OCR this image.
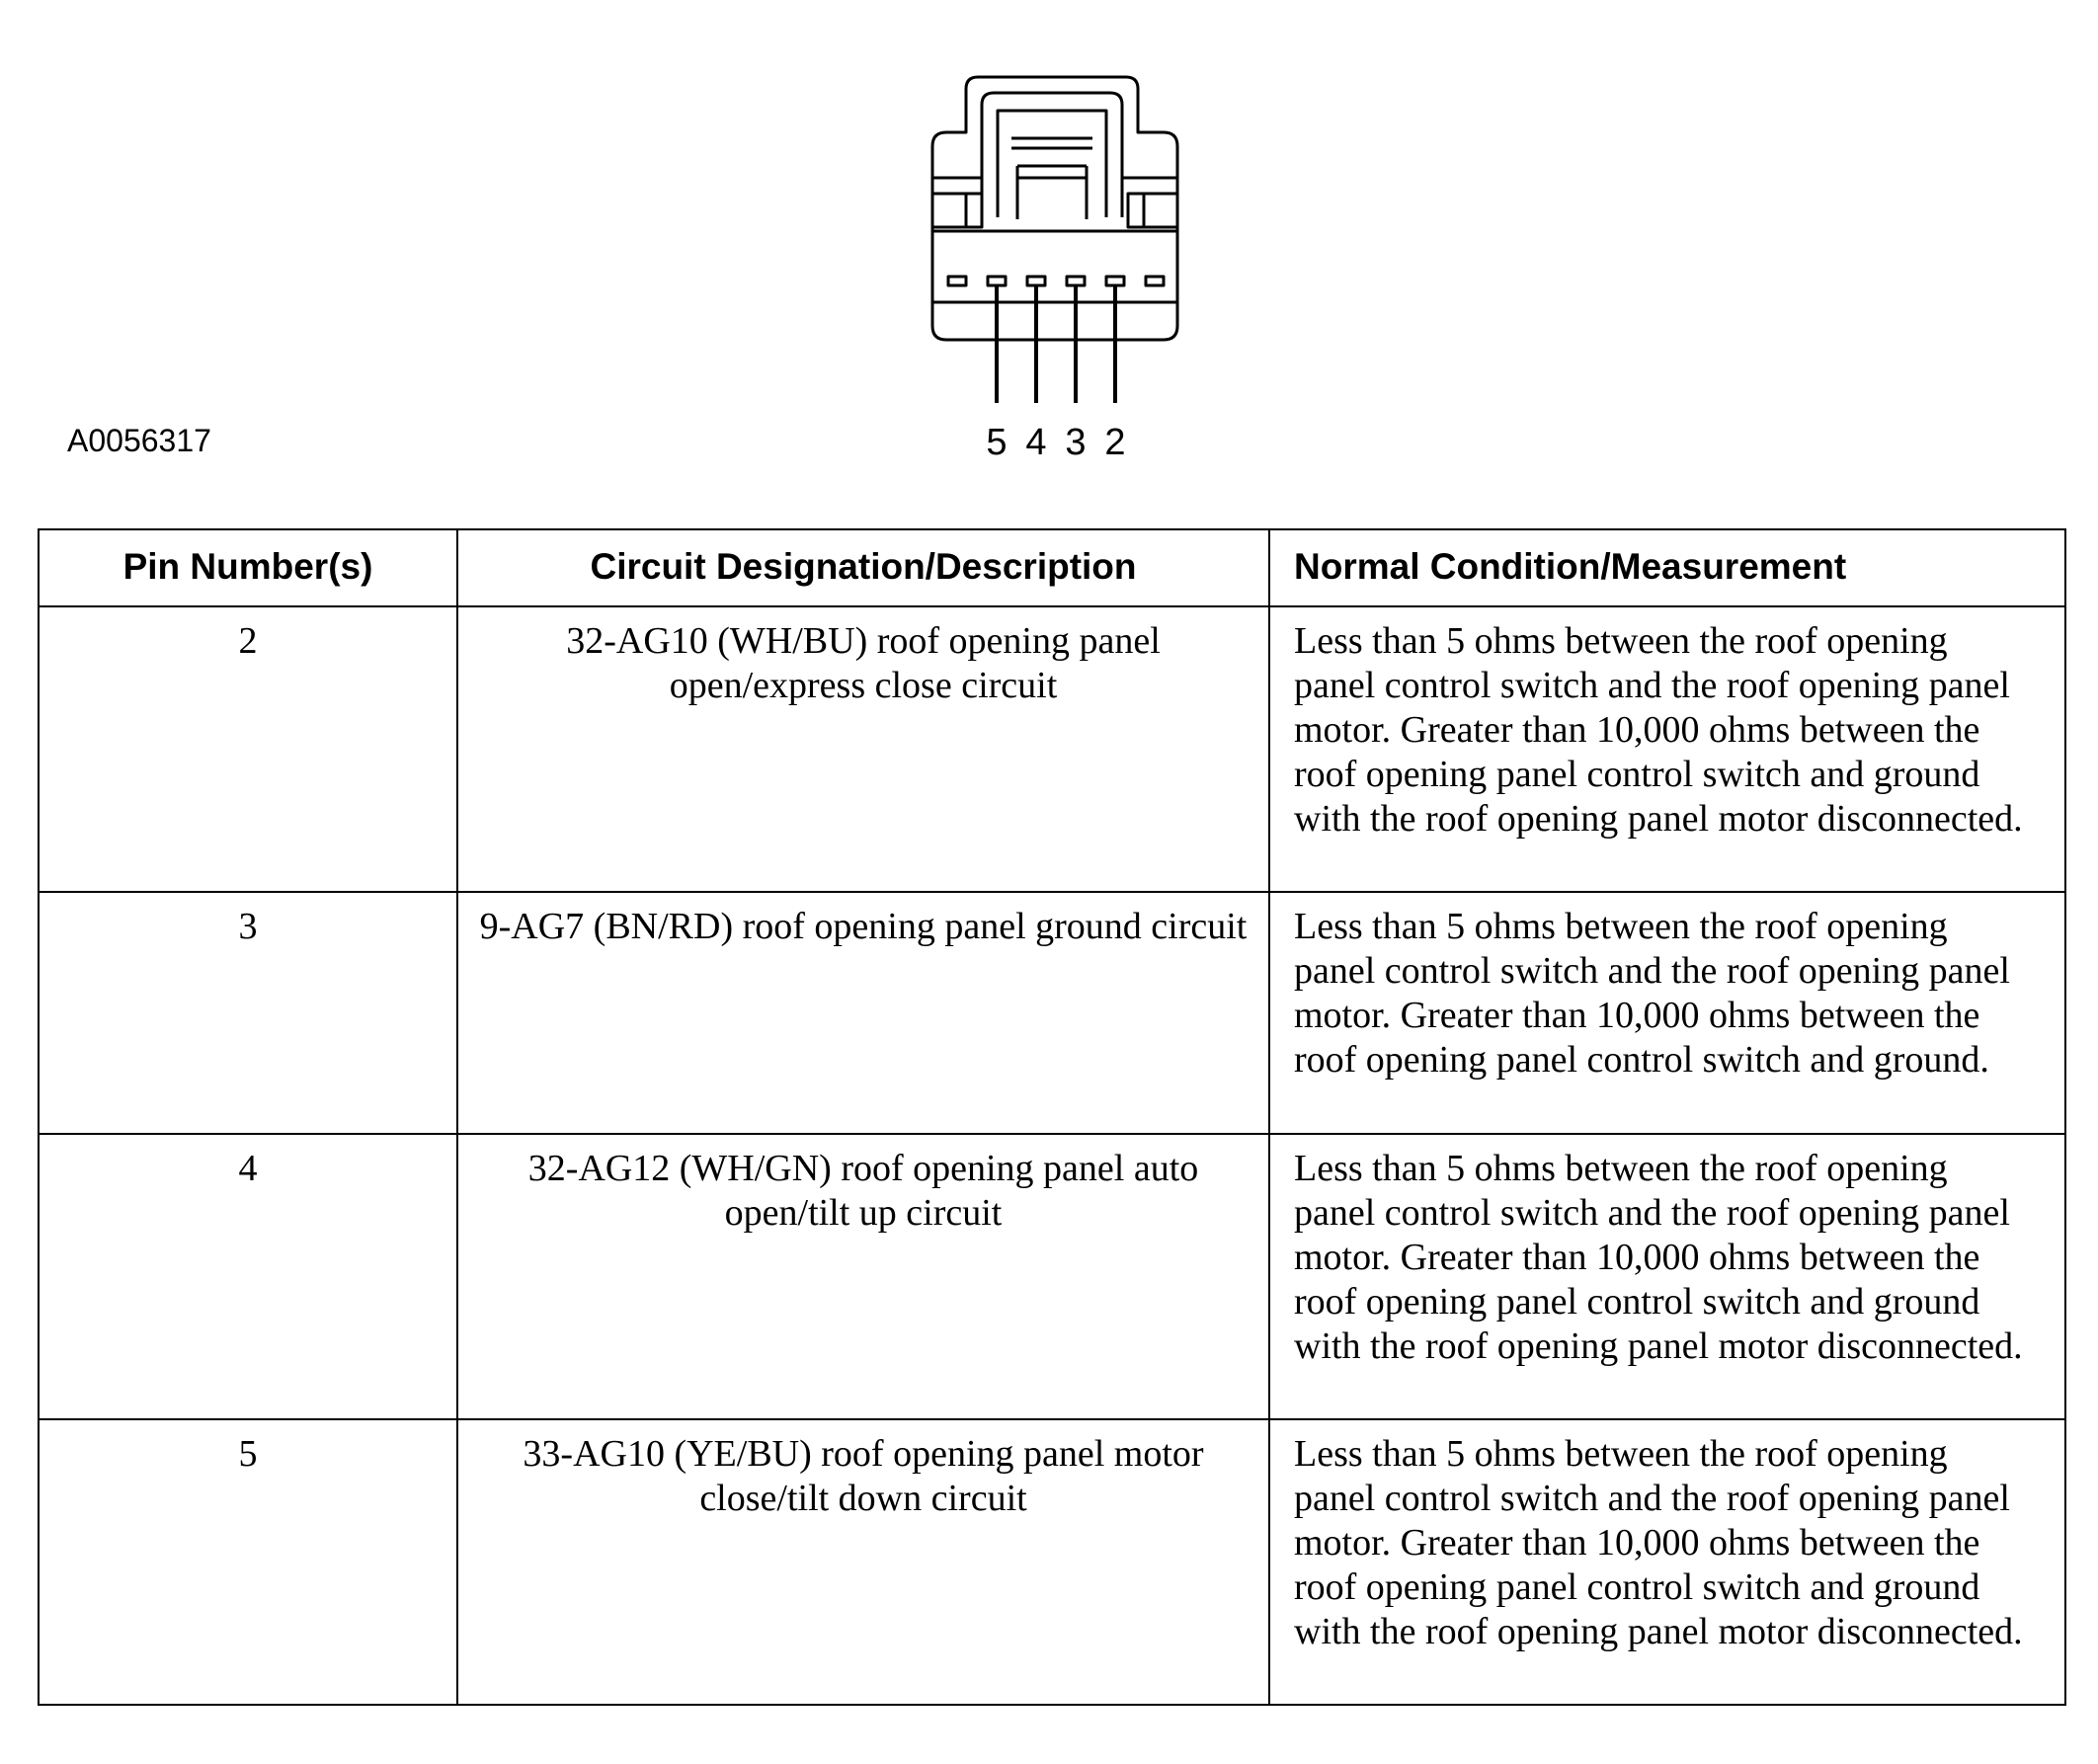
5 4 3 2
A0056317
Pin Number(s)	Circuit Designation/Description	Normal Condition/Measurement
2	32-AG10 (WH/BU) roof opening panel open/express close circuit	Less than 5 ohms between the roof opening panel control switch and the roof opening panel motor. Greater than 10,000 ohms between the roof opening panel control switch and ground with the roof opening panel motor disconnected.
3	9-AG7 (BN/RD) roof opening panel ground circuit	Less than 5 ohms between the roof opening panel control switch and the roof opening panel motor. Greater than 10,000 ohms between the roof opening panel control switch and ground.
4	32-AG12 (WH/GN) roof opening panel auto open/tilt up circuit	Less than 5 ohms between the roof opening panel control switch and the roof opening panel motor. Greater than 10,000 ohms between the roof opening panel control switch and ground with the roof opening panel motor disconnected.
5	33-AG10 (YE/BU) roof opening panel motor close/tilt down circuit	Less than 5 ohms between the roof opening panel control switch and the roof opening panel motor. Greater than 10,000 ohms between the roof opening panel control switch and ground with the roof opening panel motor disconnected.
